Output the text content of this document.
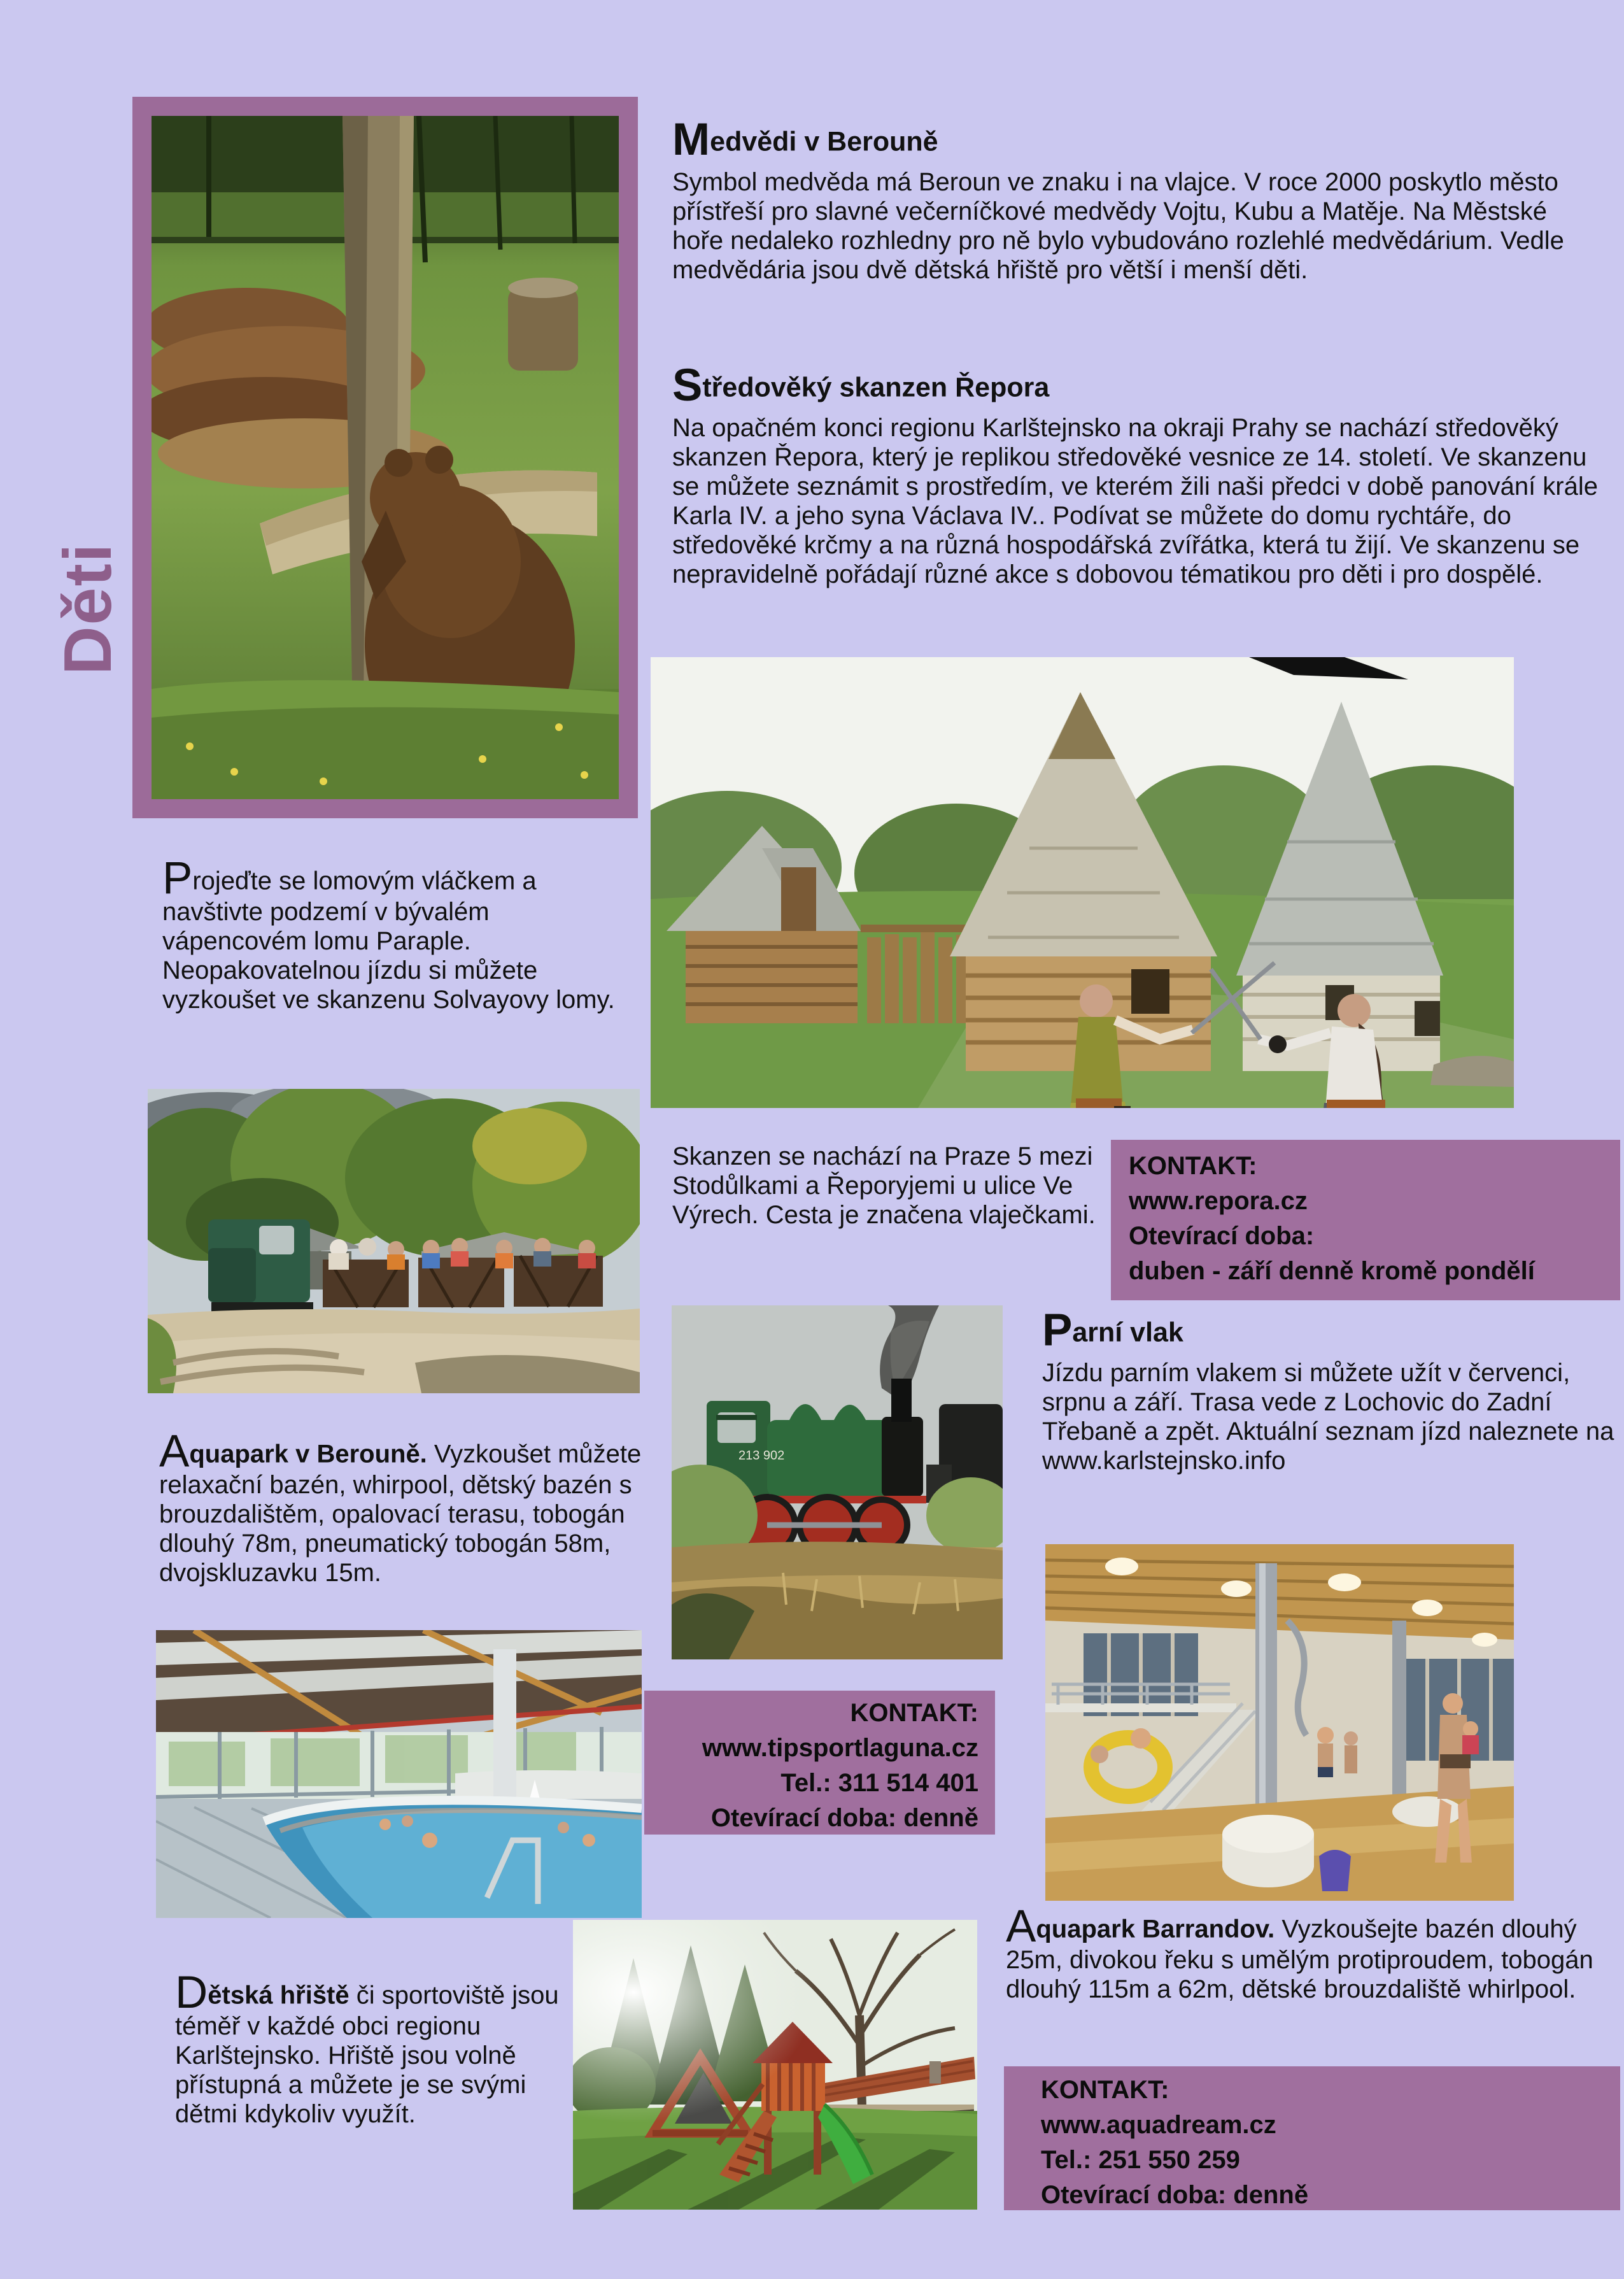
Děti
Medvědi v Berouně

Symbol medvěda má Beroun ve znaku i na vlajce. V roce 2000 poskytlo město přístřeší pro slavné večerníčkové medvědy Vojtu, Kubu a Matěje. Na Městské hoře nedaleko rozhledny pro ně bylo vybudováno rozlehlé medvědárium. Vedle medvědária jsou dvě dětská hřiště pro větší i menší děti.

Středověký skanzen Řepora

Na opačném konci regionu Karlštejnsko na okraji Prahy se nachází středověký skanzen Řepora, který je replikou středověké vesnice ze 14. století. Ve skanzenu se můžete seznámit s prostředím, ve kterém žili naši předci v době panování krále Karla IV. a jeho syna Václava IV.. Podívat se můžete do domu rychtáře, do středověké krčmy a na různá hospodářská zvířátka, která tu žijí. Ve skanzenu se nepravidelně pořádají různé akce s dobovou tématikou pro děti i pro dospělé.

Projeďte se lomovým vláčkem a navštivte podzemí v bývalém vápencovém lomu Paraple. Neopakovatelnou jízdu si můžete vyzkoušet ve skanzenu Solvayovy lomy.

Skanzen se nachází na Praze 5 mezi Stodůlkami a Řeporyjemi u ulice Ve Výrech. Cesta je značena vlaječkami.

KONTAKT:
www.repora.cz
Otevírací doba:
duben - září denně kromě pondělí
213 902
Parní vlak

Jízdu parním vlakem si můžete užít v červenci, srpnu a září. Trasa vede z Lochovic do Zadní Třebaně a zpět. Aktuální seznam jízd naleznete na www.karlstejnsko.info

Aquapark v Berouně. Vyzkoušet můžete relaxační bazén, whirpool, dětský bazén s brouzdalištěm, opalovací terasu, tobogán dlouhý 78m, pneumatický tobogán 58m, dvojskluzavku 15m.

KONTAKT:
www.tipsportlaguna.cz
Tel.: 311 514 401
Otevírací doba: denně

Aquapark Barrandov. Vyzkoušejte bazén dlouhý 25m, divokou řeku s umělým protiproudem, tobogán dlouhý 115m a 62m, dětské brouzdaliště whirlpool.

KONTAKT:
www.aquadream.cz
Tel.: 251 550 259
Otevírací doba: denně

Dětská hřiště či sportoviště jsou téměř v každé obci regionu Karlštejnsko. Hřiště jsou volně přístupná a můžete je se svými dětmi kdykoliv využít.
